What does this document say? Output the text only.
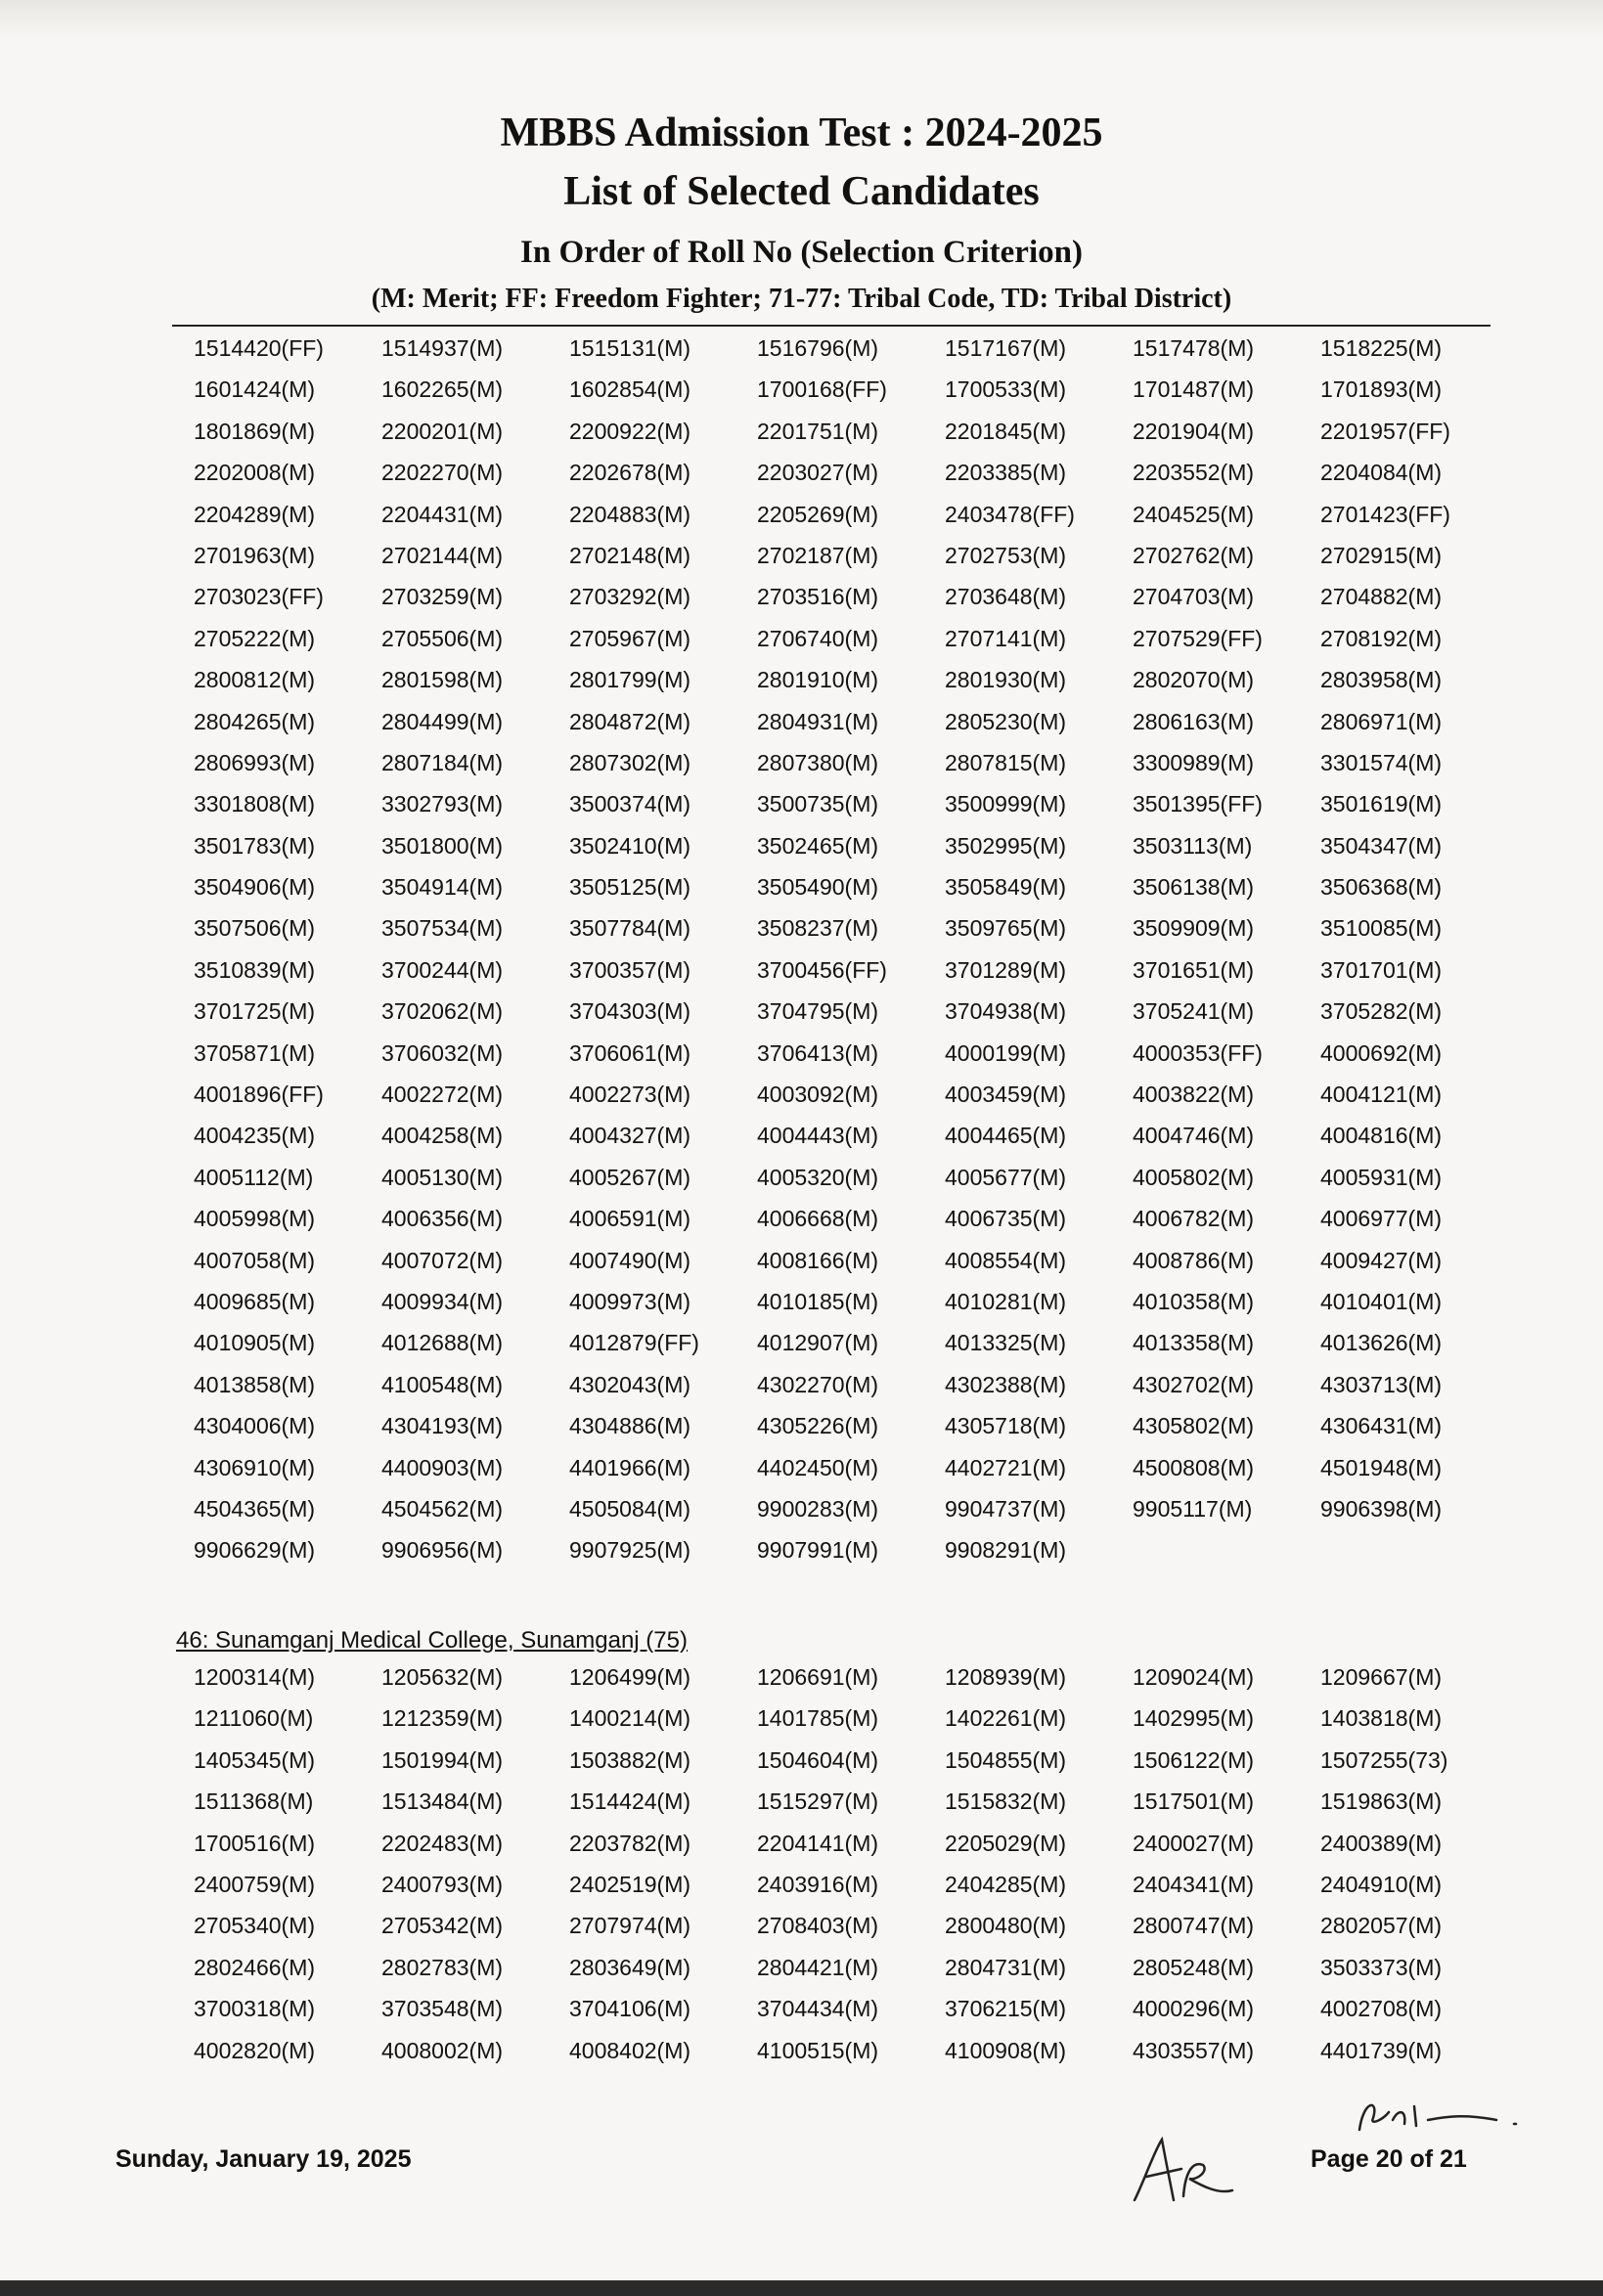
MBBS Admission Test : 2024-2025
List of Selected Candidates
In Order of Roll No (Selection Criterion)
(M: Merit; FF: Freedom Fighter; 71-77: Tribal Code, TD: Tribal District)
1514420(FF)	1514937(M)	1515131(M)	1516796(M)	1517167(M)	1517478(M)	1518225(M)
1601424(M)	1602265(M)	1602854(M)	1700168(FF)	1700533(M)	1701487(M)	1701893(M)
1801869(M)	2200201(M)	2200922(M)	2201751(M)	2201845(M)	2201904(M)	2201957(FF)
2202008(M)	2202270(M)	2202678(M)	2203027(M)	2203385(M)	2203552(M)	2204084(M)
2204289(M)	2204431(M)	2204883(M)	2205269(M)	2403478(FF)	2404525(M)	2701423(FF)
2701963(M)	2702144(M)	2702148(M)	2702187(M)	2702753(M)	2702762(M)	2702915(M)
2703023(FF)	2703259(M)	2703292(M)	2703516(M)	2703648(M)	2704703(M)	2704882(M)
2705222(M)	2705506(M)	2705967(M)	2706740(M)	2707141(M)	2707529(FF)	2708192(M)
2800812(M)	2801598(M)	2801799(M)	2801910(M)	2801930(M)	2802070(M)	2803958(M)
2804265(M)	2804499(M)	2804872(M)	2804931(M)	2805230(M)	2806163(M)	2806971(M)
2806993(M)	2807184(M)	2807302(M)	2807380(M)	2807815(M)	3300989(M)	3301574(M)
3301808(M)	3302793(M)	3500374(M)	3500735(M)	3500999(M)	3501395(FF)	3501619(M)
3501783(M)	3501800(M)	3502410(M)	3502465(M)	3502995(M)	3503113(M)	3504347(M)
3504906(M)	3504914(M)	3505125(M)	3505490(M)	3505849(M)	3506138(M)	3506368(M)
3507506(M)	3507534(M)	3507784(M)	3508237(M)	3509765(M)	3509909(M)	3510085(M)
3510839(M)	3700244(M)	3700357(M)	3700456(FF)	3701289(M)	3701651(M)	3701701(M)
3701725(M)	3702062(M)	3704303(M)	3704795(M)	3704938(M)	3705241(M)	3705282(M)
3705871(M)	3706032(M)	3706061(M)	3706413(M)	4000199(M)	4000353(FF)	4000692(M)
4001896(FF)	4002272(M)	4002273(M)	4003092(M)	4003459(M)	4003822(M)	4004121(M)
4004235(M)	4004258(M)	4004327(M)	4004443(M)	4004465(M)	4004746(M)	4004816(M)
4005112(M)	4005130(M)	4005267(M)	4005320(M)	4005677(M)	4005802(M)	4005931(M)
4005998(M)	4006356(M)	4006591(M)	4006668(M)	4006735(M)	4006782(M)	4006977(M)
4007058(M)	4007072(M)	4007490(M)	4008166(M)	4008554(M)	4008786(M)	4009427(M)
4009685(M)	4009934(M)	4009973(M)	4010185(M)	4010281(M)	4010358(M)	4010401(M)
4010905(M)	4012688(M)	4012879(FF)	4012907(M)	4013325(M)	4013358(M)	4013626(M)
4013858(M)	4100548(M)	4302043(M)	4302270(M)	4302388(M)	4302702(M)	4303713(M)
4304006(M)	4304193(M)	4304886(M)	4305226(M)	4305718(M)	4305802(M)	4306431(M)
4306910(M)	4400903(M)	4401966(M)	4402450(M)	4402721(M)	4500808(M)	4501948(M)
4504365(M)	4504562(M)	4505084(M)	9900283(M)	9904737(M)	9905117(M)	9906398(M)
9906629(M)	9906956(M)	9907925(M)	9907991(M)	9908291(M)
46: Sunamganj Medical College, Sunamganj (75)
1200314(M)	1205632(M)	1206499(M)	1206691(M)	1208939(M)	1209024(M)	1209667(M)
1211060(M)	1212359(M)	1400214(M)	1401785(M)	1402261(M)	1402995(M)	1403818(M)
1405345(M)	1501994(M)	1503882(M)	1504604(M)	1504855(M)	1506122(M)	1507255(73)
1511368(M)	1513484(M)	1514424(M)	1515297(M)	1515832(M)	1517501(M)	1519863(M)
1700516(M)	2202483(M)	2203782(M)	2204141(M)	2205029(M)	2400027(M)	2400389(M)
2400759(M)	2400793(M)	2402519(M)	2403916(M)	2404285(M)	2404341(M)	2404910(M)
2705340(M)	2705342(M)	2707974(M)	2708403(M)	2800480(M)	2800747(M)	2802057(M)
2802466(M)	2802783(M)	2803649(M)	2804421(M)	2804731(M)	2805248(M)	3503373(M)
3700318(M)	3703548(M)	3704106(M)	3704434(M)	3706215(M)	4000296(M)	4002708(M)
4002820(M)	4008002(M)	4008402(M)	4100515(M)	4100908(M)	4303557(M)	4401739(M)
Sunday, January 19, 2025	Page 20 of 21
